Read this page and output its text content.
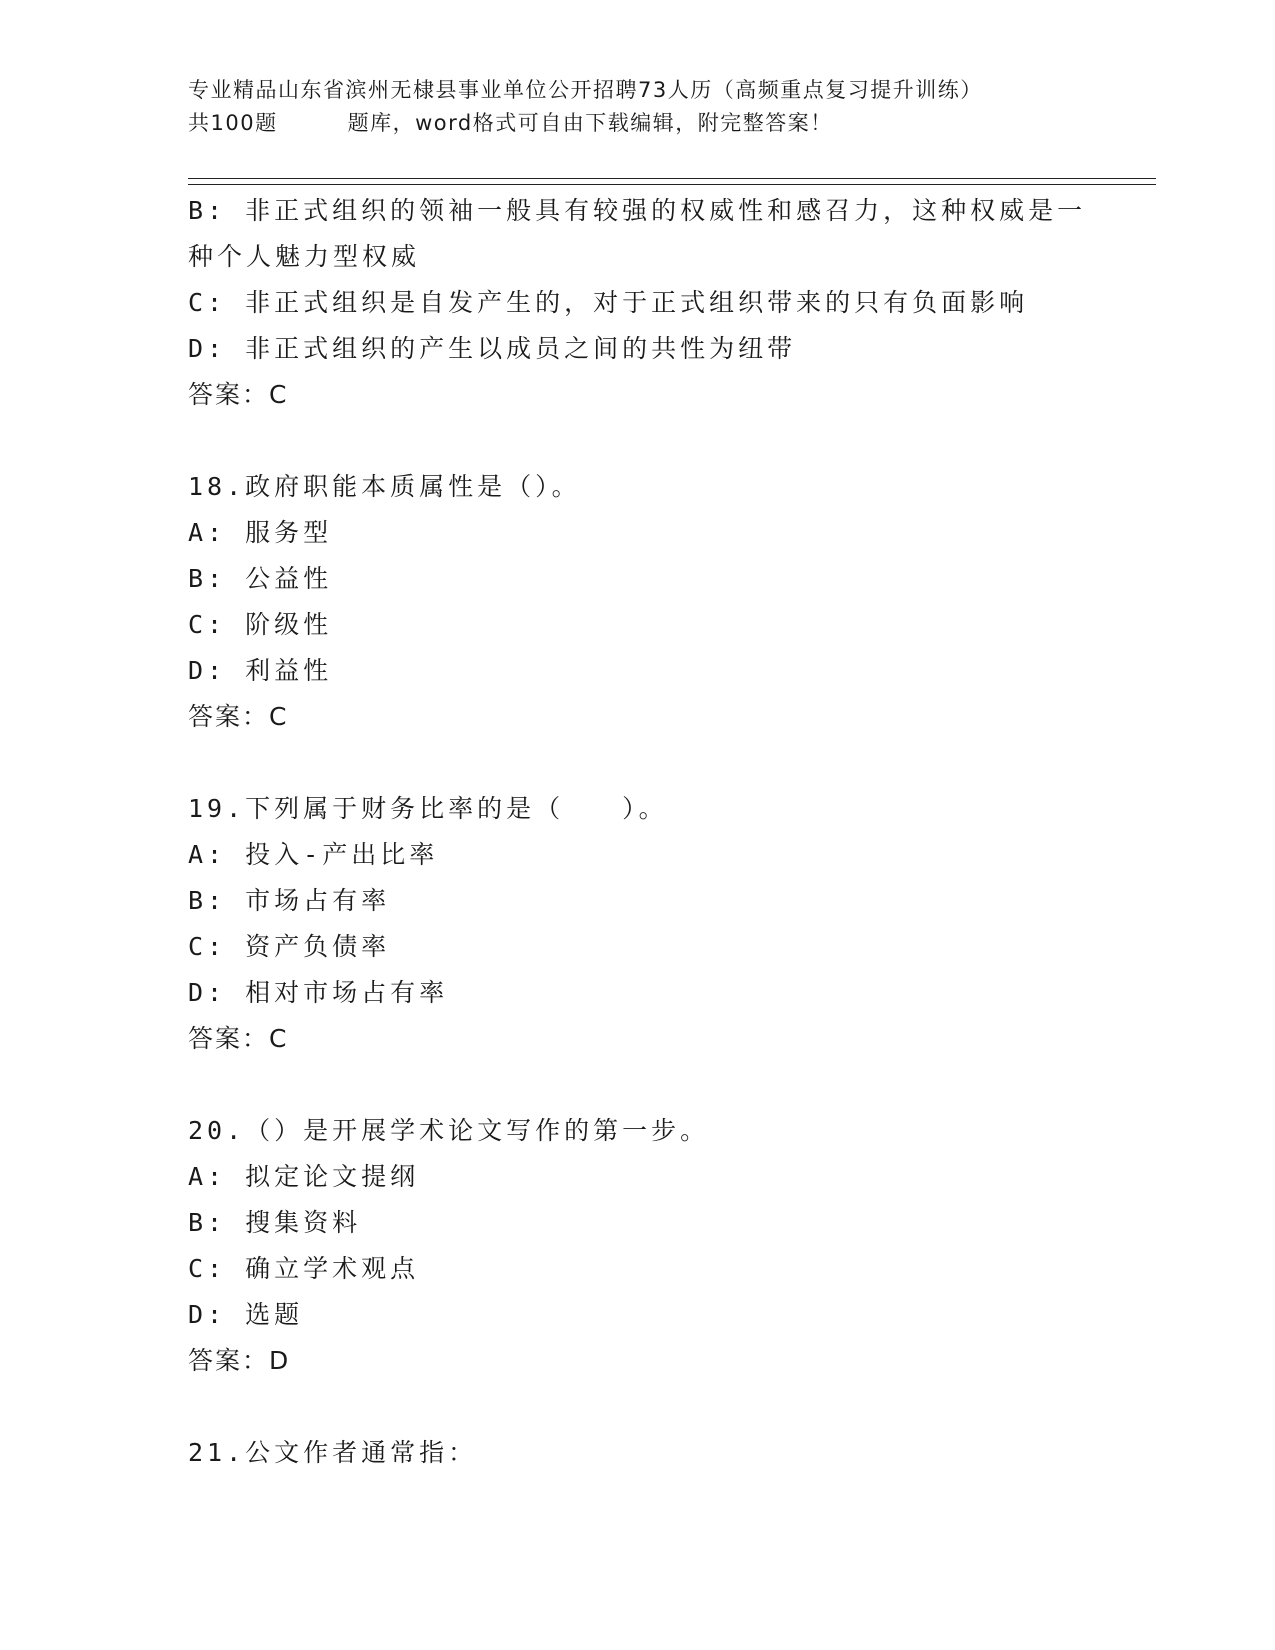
专业精品山东省滨州无棣县事业单位公开招聘73人历（高频重点复习提升训练）
共100题	题库，word格式可自由下载编辑，附完整答案！
B: 非正式组织的领袖一般具有较强的权威性和感召力，这种权威是一
种个人魅力型权威
C: 非正式组织是自发产生的，对于正式组织带来的只有负面影响
D: 非正式组织的产生以成员之间的共性为纽带
答案：C
18.政府职能本质属性是（）。
A: 服务型
B: 公益性
C: 阶级性
D: 利益性
答案：C
19.下列属于财务比率的是（　　）。
A: 投入-产出比率
B: 市场占有率
C: 资产负债率
D: 相对市场占有率
答案：C
20.（）是开展学术论文写作的第一步。
A: 拟定论文提纲
B: 搜集资料
C: 确立学术观点
D: 选题
答案：D
21.公文作者通常指：
